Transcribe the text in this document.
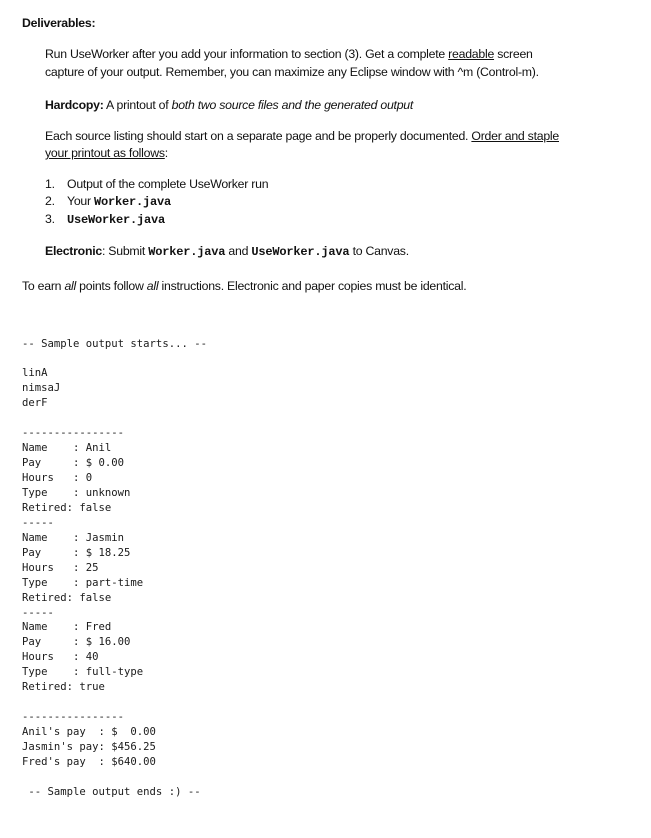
Deliverables:
Run UseWorker after you add your information to section (3). Get a complete readable screen
capture of your output. Remember, you can maximize any Eclipse window with ^m (Control-m).
Hardcopy: A printout of both two source files and the generated output
Each source listing should start on a separate page and be properly documented. Order and staple
your printout as follows:
1. Output of the complete UseWorker run
2. Your Worker.java
3. UseWorker.java
Electronic: Submit Worker.java and UseWorker.java to Canvas.
To earn all points follow all instructions. Electronic and paper copies must be identical.
-- Sample output starts... --
linA
nimsaJ
derF
----------------
Name    : Anil
Pay     : $ 0.00
Hours   : 0
Type    : unknown
Retired: false
-----
Name    : Jasmin
Pay     : $ 18.25
Hours   : 25
Type    : part-time
Retired: false
-----
Name    : Fred
Pay     : $ 16.00
Hours   : 40
Type    : full-type
Retired: true
----------------
Anil's pay  : $  0.00
Jasmin's pay: $456.25
Fred's pay  : $640.00
-- Sample output ends :) --
